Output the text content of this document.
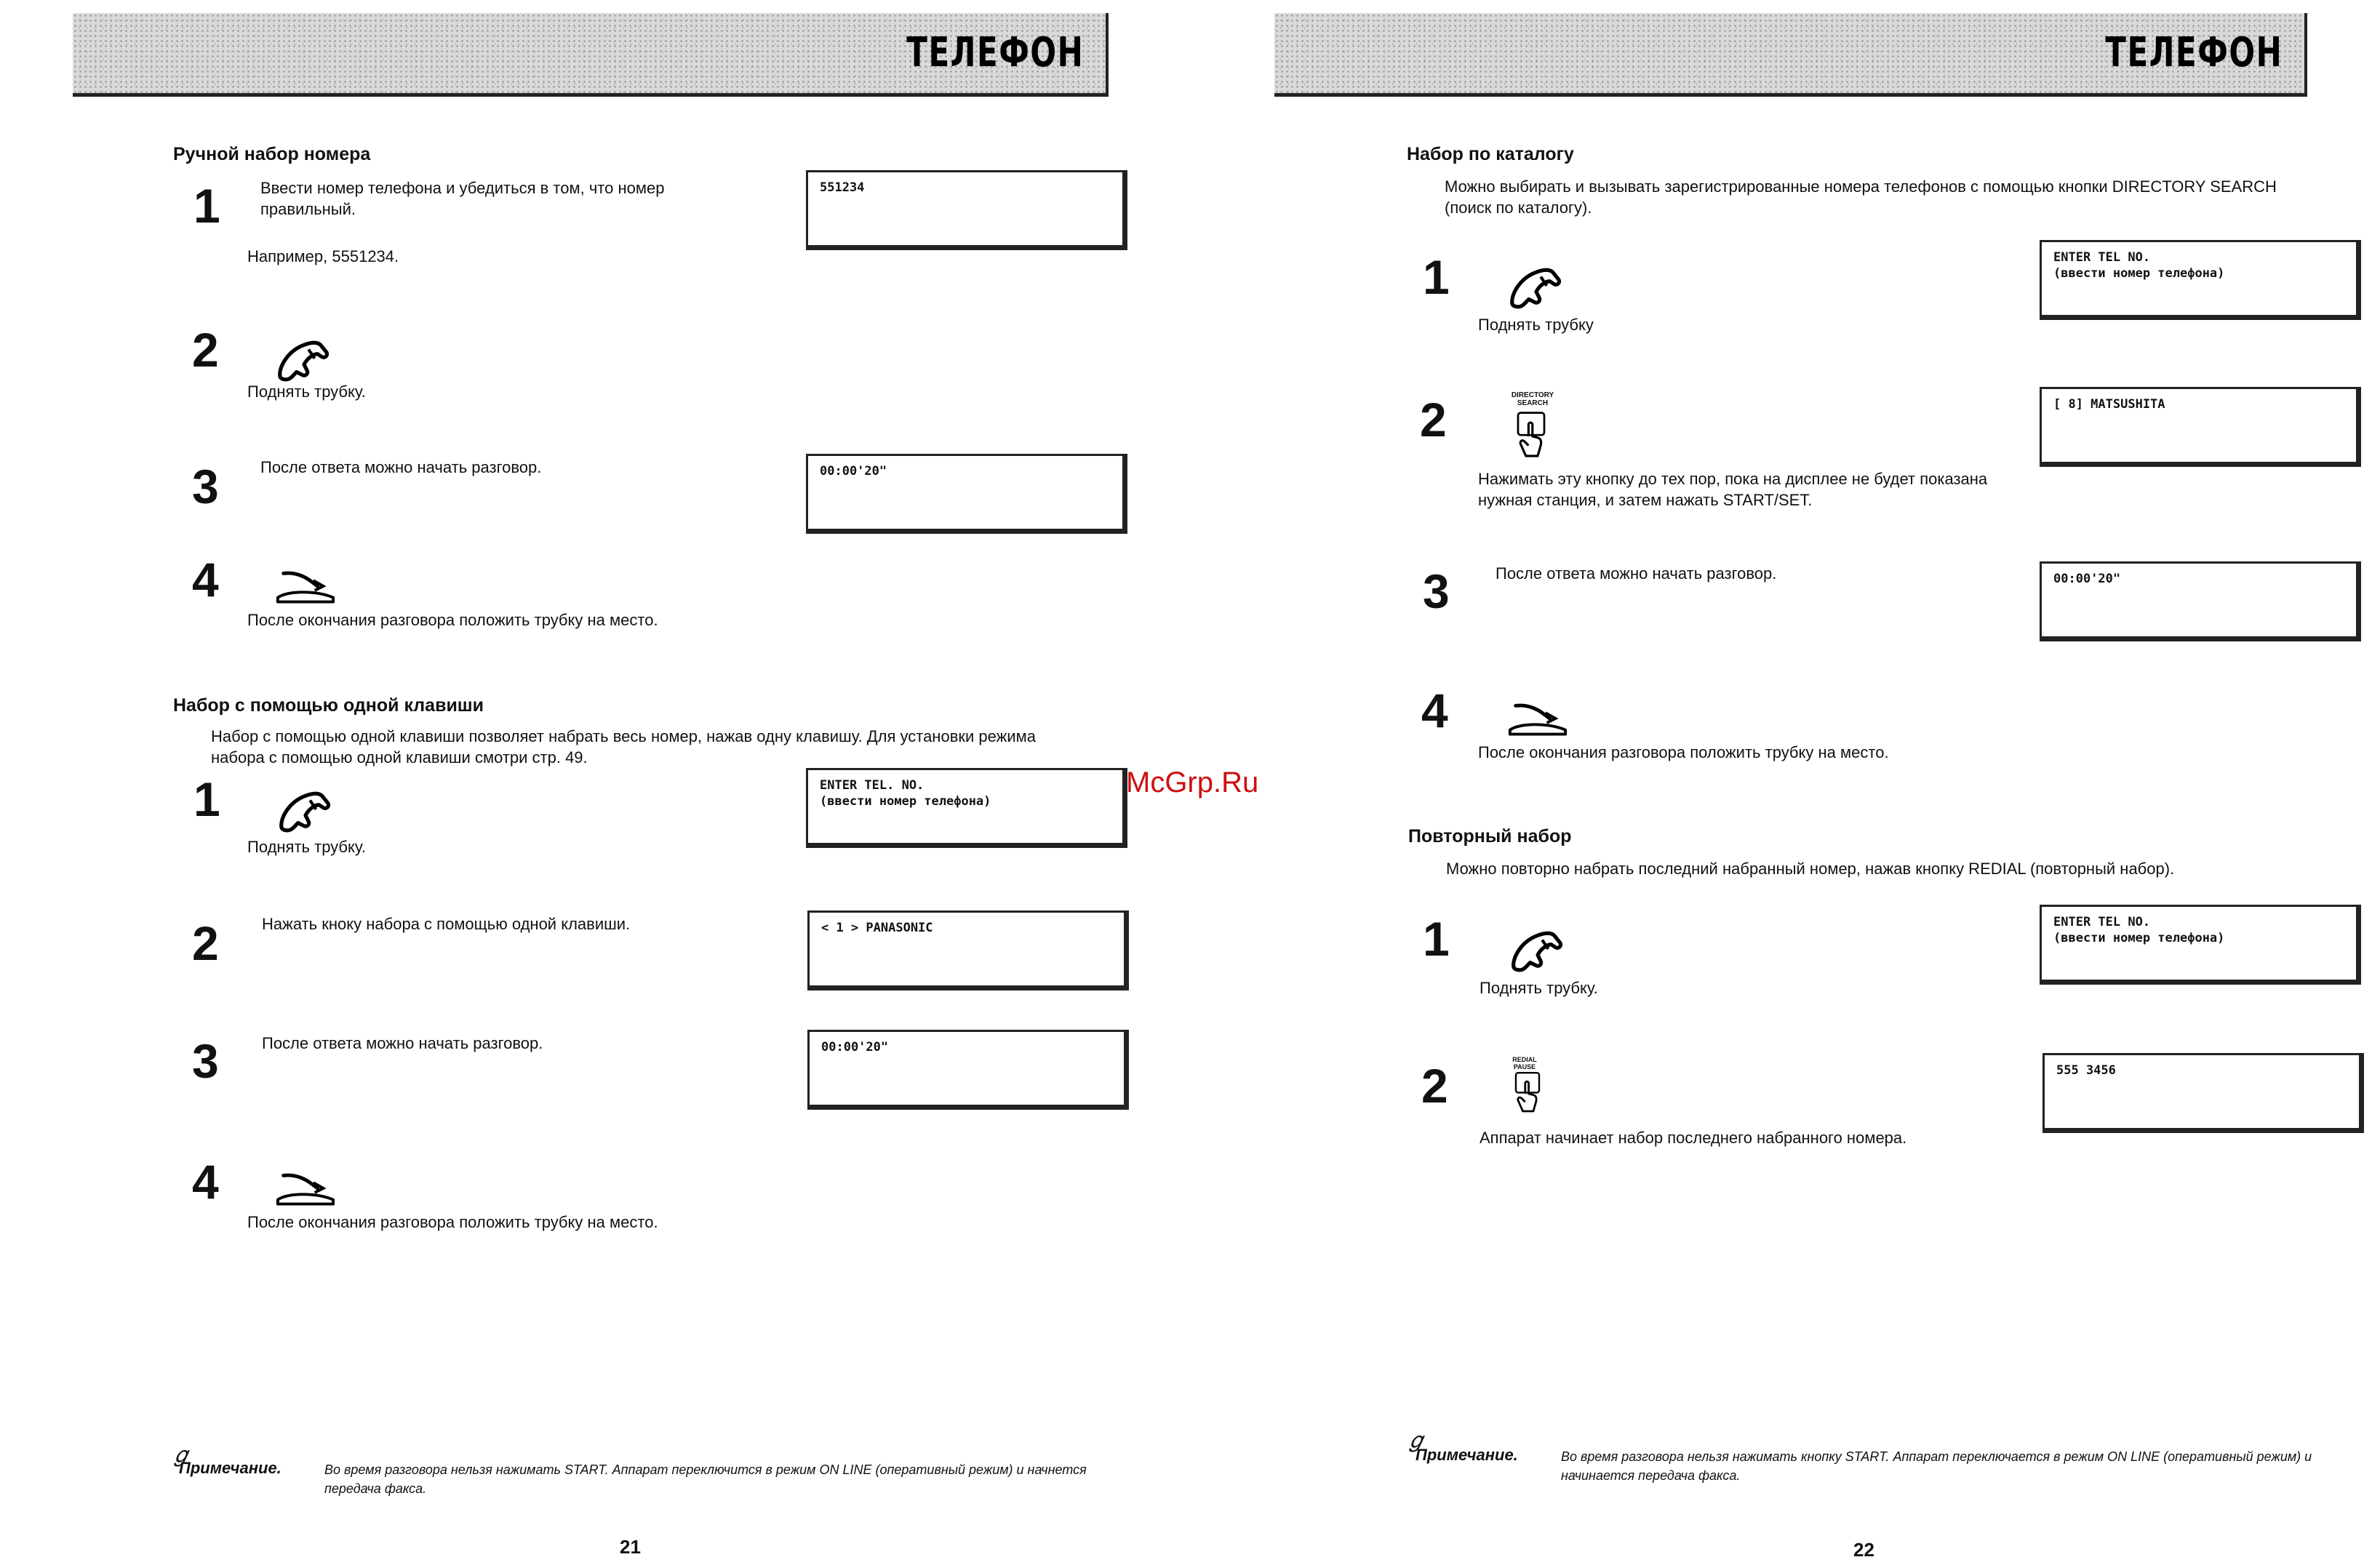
ТЕЛЕФОН
Ручной набор номера
1	Ввести номер телефона и убедиться в том, что номер правильный.
Например, 5551234.
551234
2
Поднять трубку.
3	После ответа можно начать разговор.	00:00'20"
4
После окончания разговора положить трубку на место.
Набор с помощью одной клавиши
Набор с помощью одной клавиши позволяет набрать весь номер, нажав одну клавишу. Для установки режима набора с помощью одной клавиши смотри стр. 49.
1
Поднять трубку.
ENTER TEL. NO.
(ввести номер телефона)
2	Нажать кноку набора с помощью одной клавиши.	< 1 > PANASONIC
3	После ответа можно начать разговор.	00:00'20"
4
После окончания разговора положить трубку на место.
𝑔
Примечание.	Во время разговора нельзя нажимать START. Аппарат переключится в режим ON LINE (оперативный режим) и начнется передача факса.
21
ТЕЛЕФОН
Набор по каталогу
Можно выбирать и вызывать зарегистрированные номера телефонов с помощью кнопки DIRECTORY SEARCH (поиск по каталогу).
1
Поднять трубку
ENTER TEL NO.
(ввести номер телефона)
2	DIRECTORY SEARCH
Нажимать эту кнопку до тех пор, пока на дисплее не будет показана нужная станция, и затем нажать START/SET.
[ 8] MATSUSHITA
3	После ответа можно начать разговор.	00:00'20"
4
После окончания разговора положить трубку на место.
Повторный набор
Можно повторно набрать последний набранный номер, нажав кнопку REDIAL (повторный набор).
1
Поднять трубку.
ENTER TEL NO.
(ввести номер телефона)
2	REDIAL PAUSE
Аппарат начинает набор последнего набранного номера.
555 3456
𝑔
Примечание.	Во время разговора нельзя нажимать кнопку START. Аппарат переключается в режим ON LINE (оперативный режим) и начинается передача факса.
22
McGrp.Ru
